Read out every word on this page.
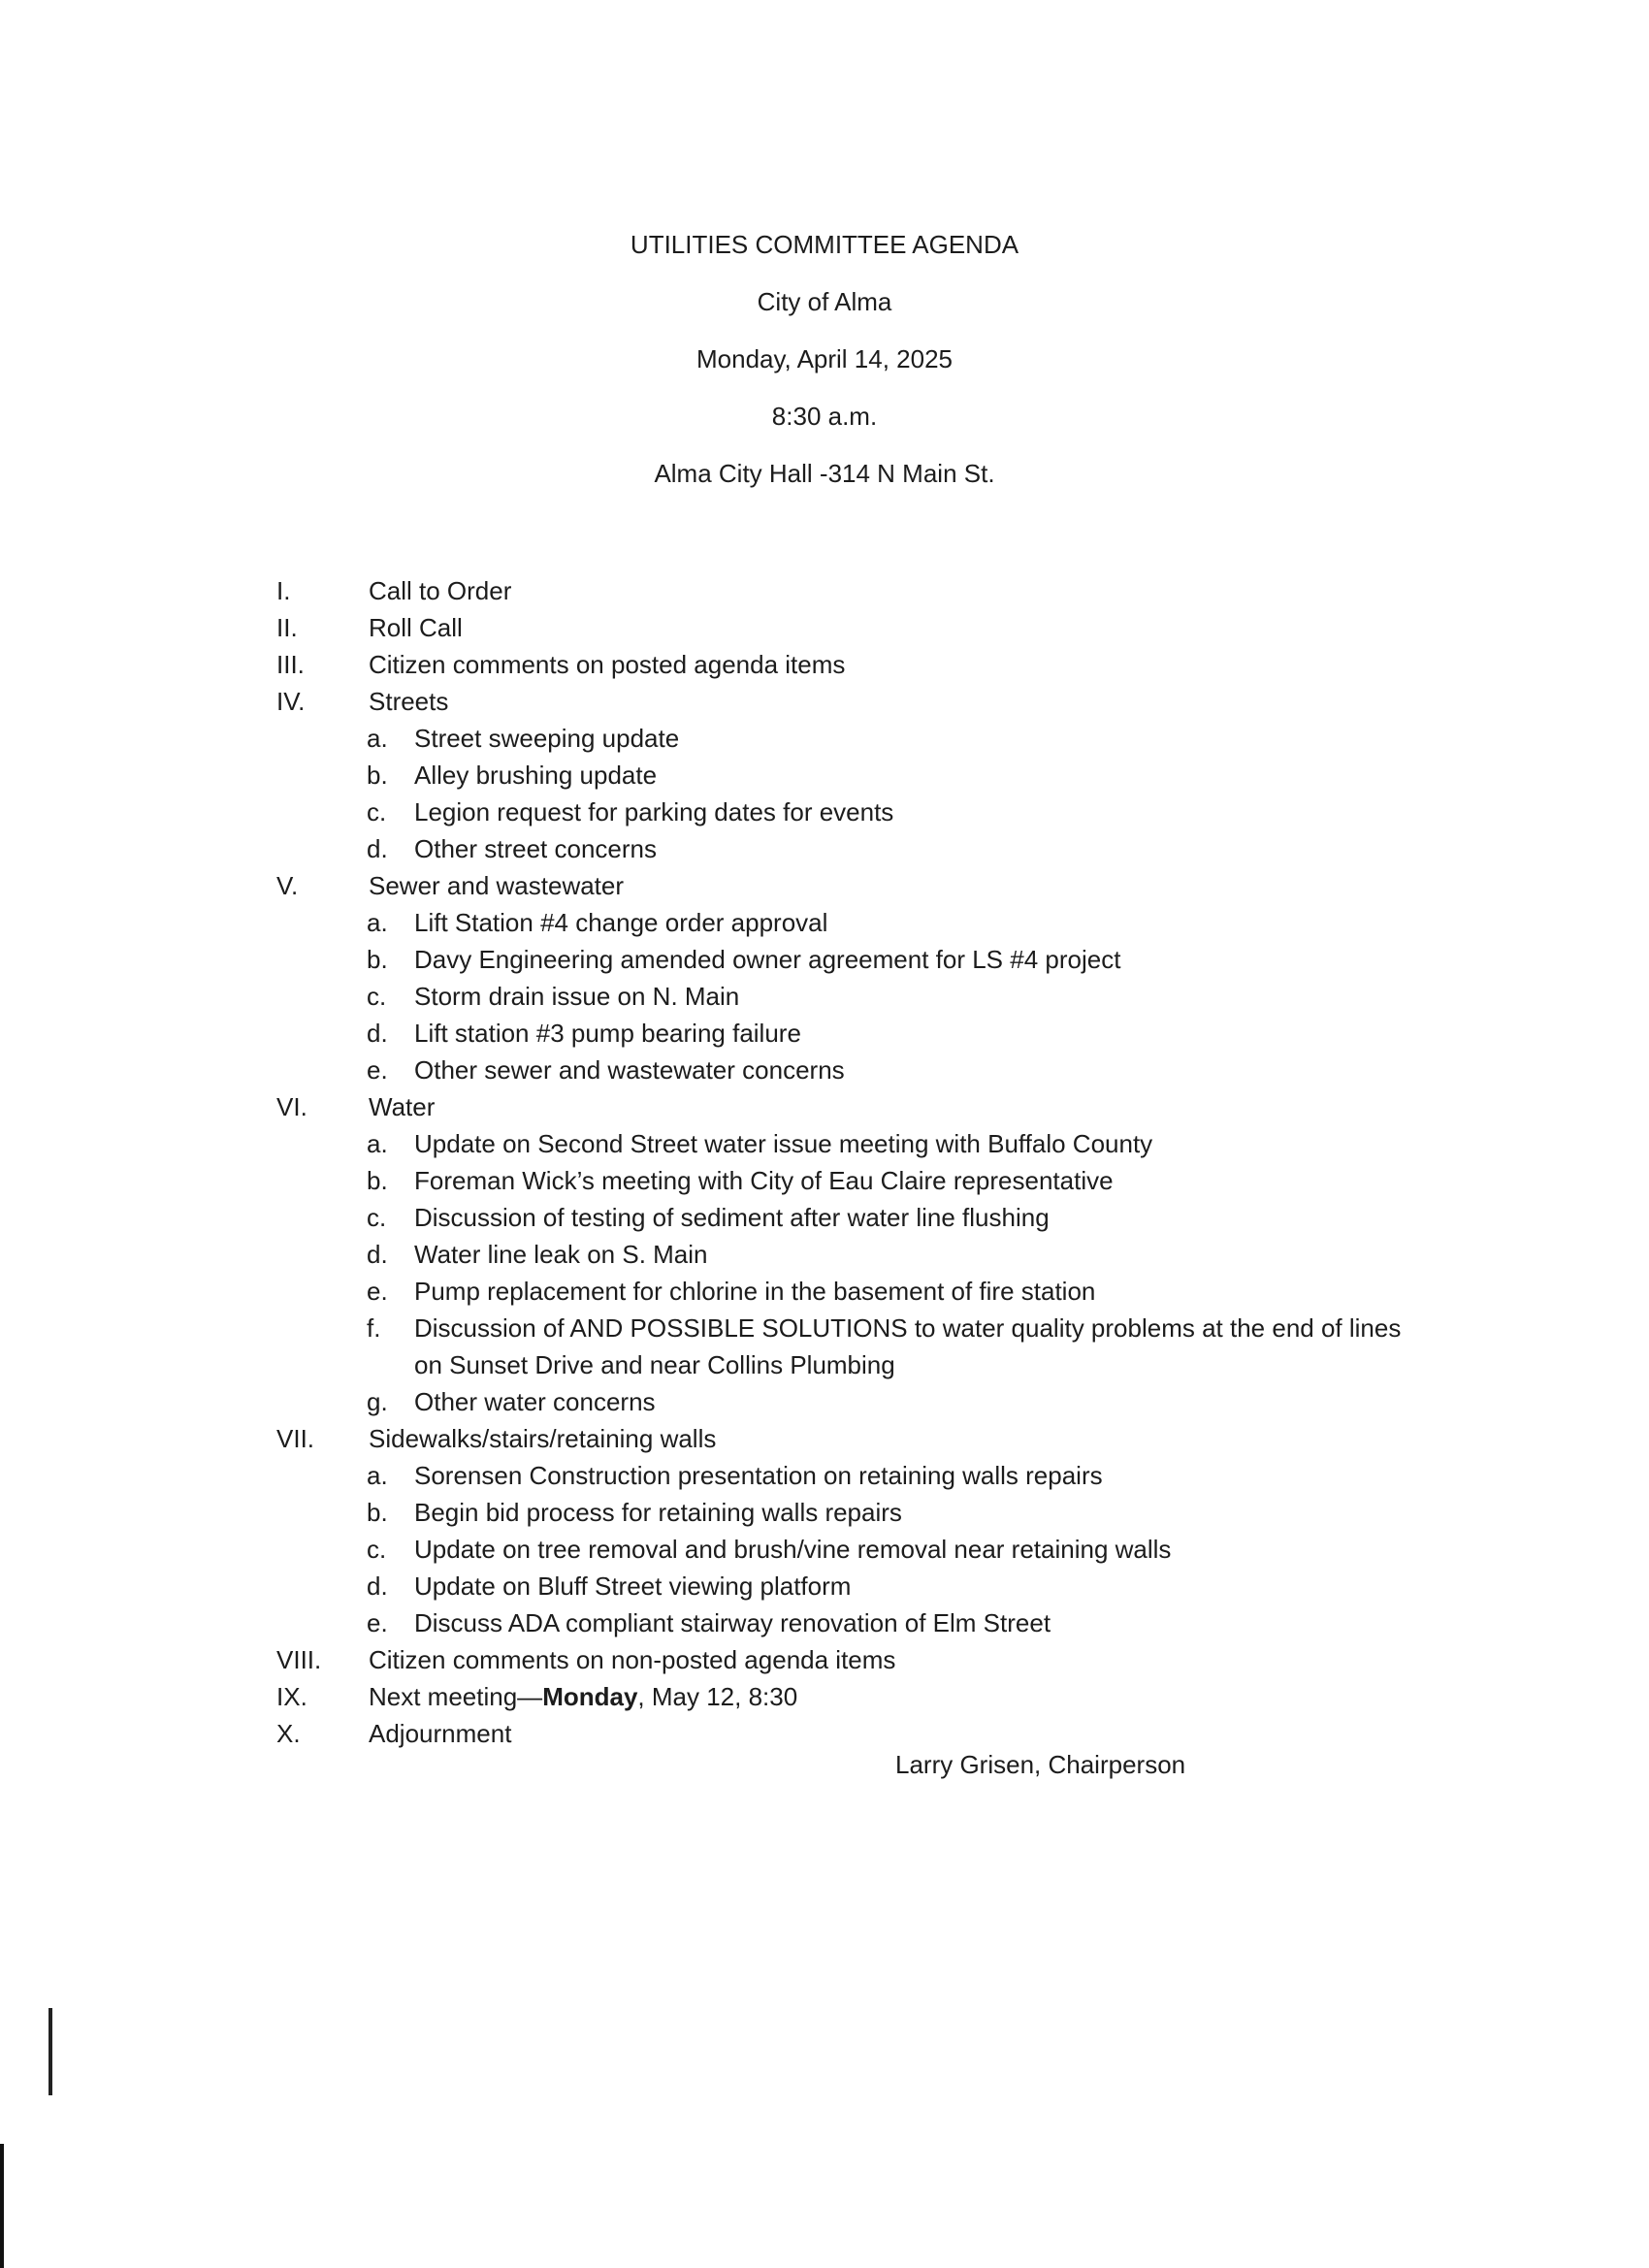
UTILITIES COMMITTEE AGENDA
City of Alma
Monday, April 14, 2025
8:30 a.m.
Alma City Hall -314 N Main St.
I.	Call to Order
II.	Roll Call
III.	Citizen comments on posted agenda items
IV.	Streets
a.	Street sweeping update
b.	Alley brushing update
c.	Legion request for parking dates for events
d.	Other street concerns
V.	Sewer and wastewater
a.	Lift Station #4 change order approval
b.	Davy Engineering amended owner agreement for LS #4 project
c.	Storm drain issue on N. Main
d.	Lift station #3 pump bearing failure
e.	Other sewer and wastewater concerns
VI.	Water
a.	Update on Second Street water issue meeting with Buffalo County
b.	Foreman Wick’s meeting with City of Eau Claire representative
c.	Discussion of testing of sediment after water line flushing
d.	Water line leak on S. Main
e.	Pump replacement for chlorine in the basement of fire station
f.	Discussion of AND POSSIBLE SOLUTIONS to water quality problems at the end of lines on Sunset Drive and near Collins Plumbing
g.	Other water concerns
VII.	Sidewalks/stairs/retaining walls
a.	Sorensen Construction presentation on retaining walls repairs
b.	Begin bid process for retaining walls repairs
c.	Update on tree removal and brush/vine removal near retaining walls
d.	Update on Bluff Street viewing platform
e.	Discuss ADA compliant stairway renovation of Elm Street
VIII.	Citizen comments on non-posted agenda items
IX.	Next meeting—Monday, May 12, 8:30
X.	Adjournment
Larry Grisen, Chairperson
